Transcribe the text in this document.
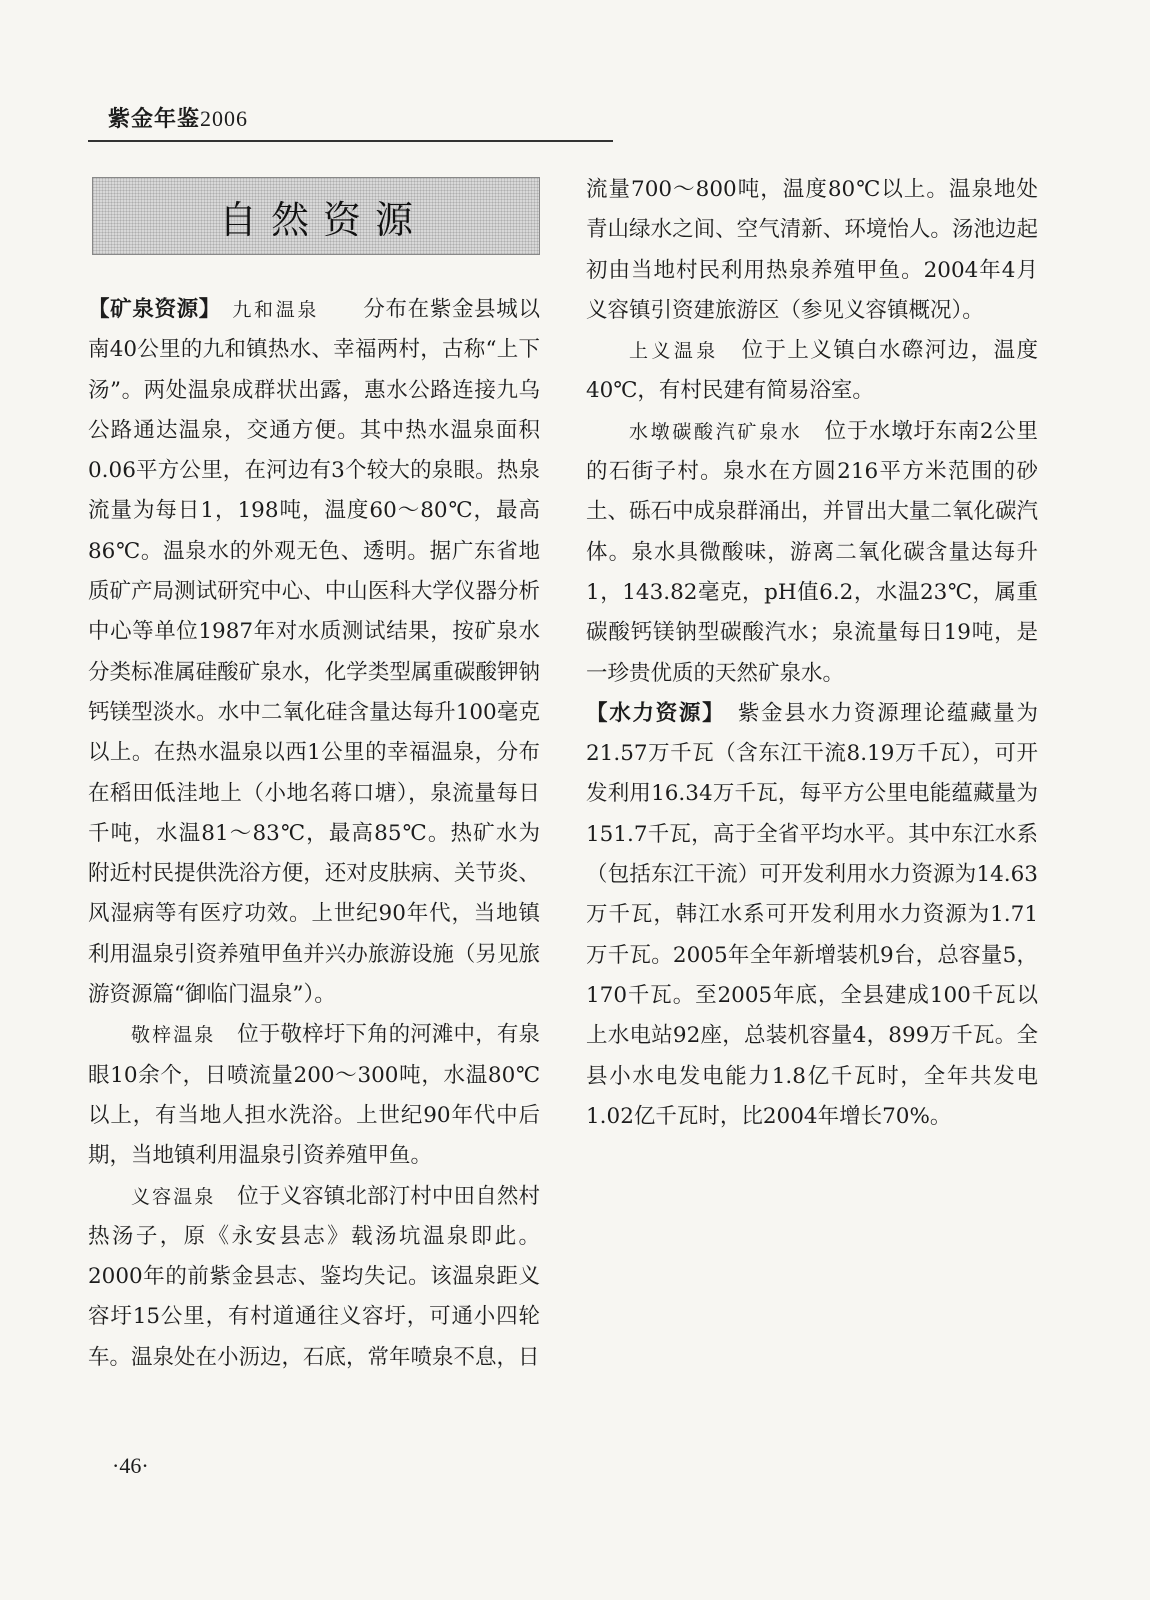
紫金年鉴2006
自然资源

【矿泉资源】　 九和温泉　　 分布在紫金县城以南40公里的九和镇热水、幸福两村，古称“上下汤”。两处温泉成群状出露，惠水公路连接九乌公路通达温泉，交通方便。其中热水温泉面积0.06平方公里，在河边有3个较大的泉眼。热泉流量为每日1，198吨，温度60～80℃，最高86℃。温泉水的外观无色、透明。据广东省地质矿产局测试研究中心、中山医科大学仪器分析中心等单位1987年对水质测试结果，按矿泉水分类标准属硅酸矿泉水，化学类型属重碳酸钾钠钙镁型淡水。水中二氧化硅含量达每升100毫克以上。在热水温泉以西1公里的幸福温泉，分布在稻田低洼地上（小地名蒋口塘），泉流量每日千吨，水温81～83℃，最高85℃。热矿水为附近村民提供洗浴方便，还对皮肤病、关节炎、风湿病等有医疗功效。上世纪90年代，当地镇利用温泉引资养殖甲鱼并兴办旅游设施（另见旅游资源篇“御临门温泉”）。

敬梓温泉　 位于敬梓圩下角的河滩中，有泉眼10余个，日喷流量200～300吨，水温80℃以上，有当地人担水洗浴。上世纪90年代中后期，当地镇利用温泉引资养殖甲鱼。

义容温泉　 位于义容镇北部汀村中田自然村热汤子，原《永安县志》载汤坑温泉即此。2000年的前紫金县志、鉴均失记。该温泉距义容圩15公里，有村道通往义容圩，可通小四轮车。温泉处在小沥边，石底，常年喷泉不息，日

流量700～800吨，温度80℃以上。温泉地处青山绿水之间、空气清新、环境怡人。汤池边起初由当地村民利用热泉养殖甲鱼。2004年4月义容镇引资建旅游区（参见义容镇概况）。

上义温泉　 位于上义镇白水磜河边，温度40℃，有村民建有简易浴室。

水墩碳酸汽矿泉水　 位于水墩圩东南2公里的石街子村。泉水在方圆216平方米范围的砂土、砾石中成泉群涌出，并冒出大量二氧化碳汽体。泉水具微酸味，游离二氧化碳含量达每升1，143.82毫克，pH值6.2，水温23℃，属重碳酸钙镁钠型碳酸汽水；泉流量每日19吨，是一珍贵优质的天然矿泉水。

【水力资源】　 紫金县水力资源理论蕴藏量为21.57万千瓦（含东江干流8.19万千瓦），可开发利用16.34万千瓦，每平方公里电能蕴藏量为151.7千瓦，高于全省平均水平。其中东江水系（包括东江干流）可开发利用水力资源为14.63万千瓦，韩江水系可开发利用水力资源为1.71万千瓦。2005年全年新增装机9台，总容量5，170千瓦。至2005年底，全县建成100千瓦以上水电站92座，总装机容量4，899万千瓦。全县小水电发电能力1.8亿千瓦时，全年共发电1.02亿千瓦时，比2004年增长70%。

·46·
